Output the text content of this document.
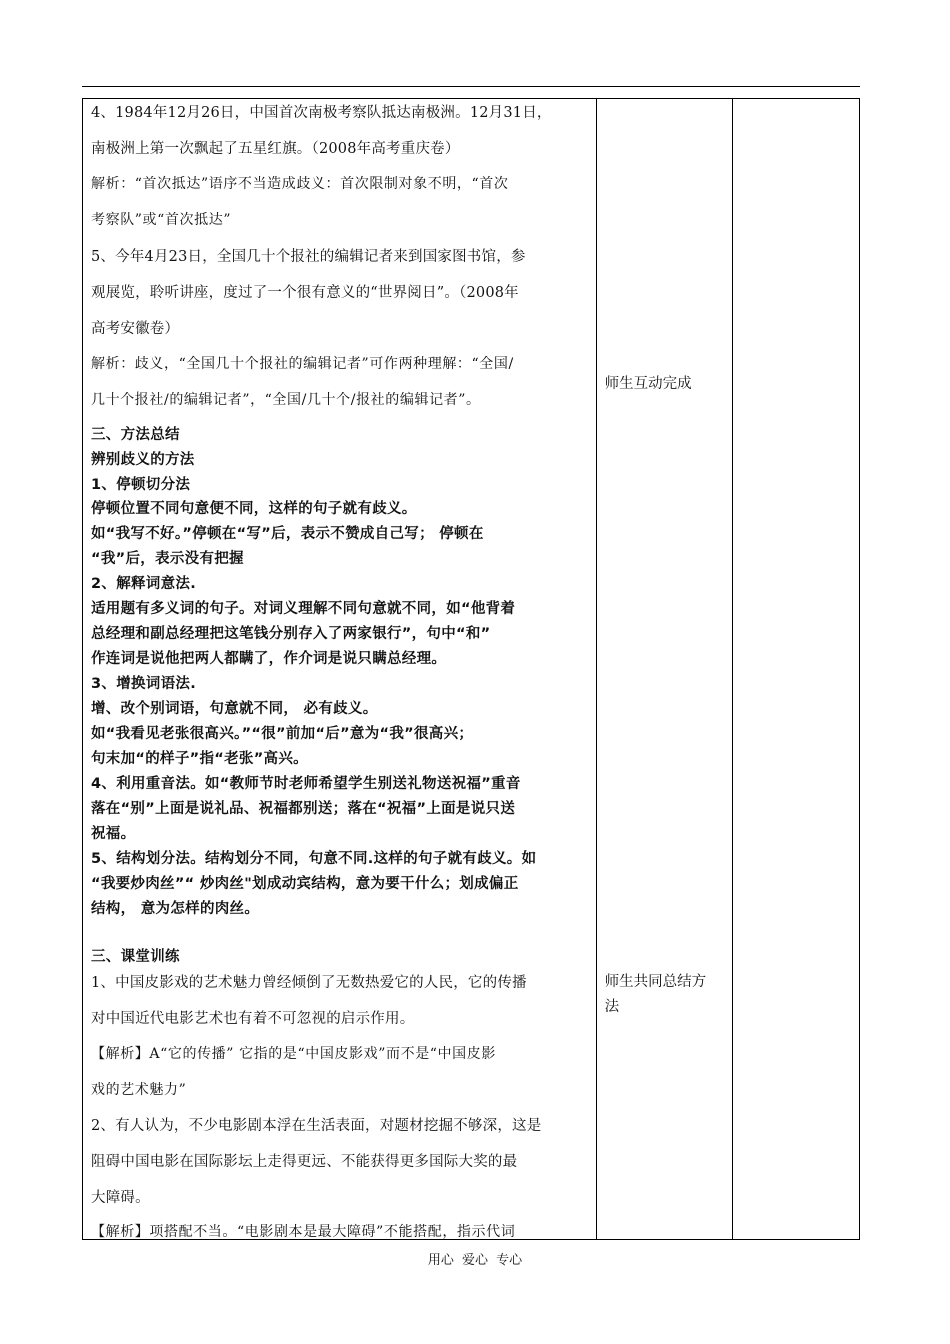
4、1984年12月26日，中国首次南极考察队抵达南极洲。12月31日，
南极洲上第一次飘起了五星红旗。（2008年高考重庆卷）
解析：“首次抵达”语序不当造成歧义：首次限制对象不明，“首次
考察队”或“首次抵达”
5、今年4月23日，全国几十个报社的编辑记者来到国家图书馆，参
观展览，聆听讲座，度过了一个很有意义的“世界阅日”。（2008年
高考安徽卷）
解析：歧义，“全国几十个报社的编辑记者”可作两种理解：“全国/
几十个报社/的编辑记者”，“全国/几十个/报社的编辑记者”。
三、方法总结
辨别歧义的方法
1、停顿切分法
停顿位置不同句意便不同，这样的句子就有歧义。
如“我写不好。”停顿在“写”后，表示不赞成自己写； 停顿在
“我”后，表示没有把握
2、解释词意法.
适用题有多义词的句子。对词义理解不同句意就不同，如“他背着
总经理和副总经理把这笔钱分别存入了两家银行”，句中“和”
作连词是说他把两人都瞒了，作介词是说只瞒总经理。
3、增换词语法.
增、改个别词语，句意就不同， 必有歧义。
如“我看见老张很高兴。”“很”前加“后”意为“我”很高兴；
句末加“的样子”指“老张”高兴。
4、利用重音法。如“教师节时老师希望学生别送礼物送祝福”重音
落在“别”上面是说礼品、祝福都别送；落在“祝福”上面是说只送
祝福。
5、结构划分法。结构划分不同，句意不同.这样的句子就有歧义。如
“我要炒肉丝”“ 炒肉丝"划成动宾结构，意为要干什么；划成偏正
结构， 意为怎样的肉丝。
三、课堂训练
1、中国皮影戏的艺术魅力曾经倾倒了无数热爱它的人民，它的传播
对中国近代电影艺术也有着不可忽视的启示作用。
【解析】A“它的传播” 它指的是“中国皮影戏”而不是“中国皮影
戏的艺术魅力”
2、有人认为，不少电影剧本浮在生活表面，对题材挖掘不够深，这是
阻碍中国电影在国际影坛上走得更远、不能获得更多国际大奖的最
大障碍。
【解析】项搭配不当。“电影剧本是最大障碍”不能搭配，指示代词

师生互动完成
师生共同总结方
法

用心 爱心 专心
